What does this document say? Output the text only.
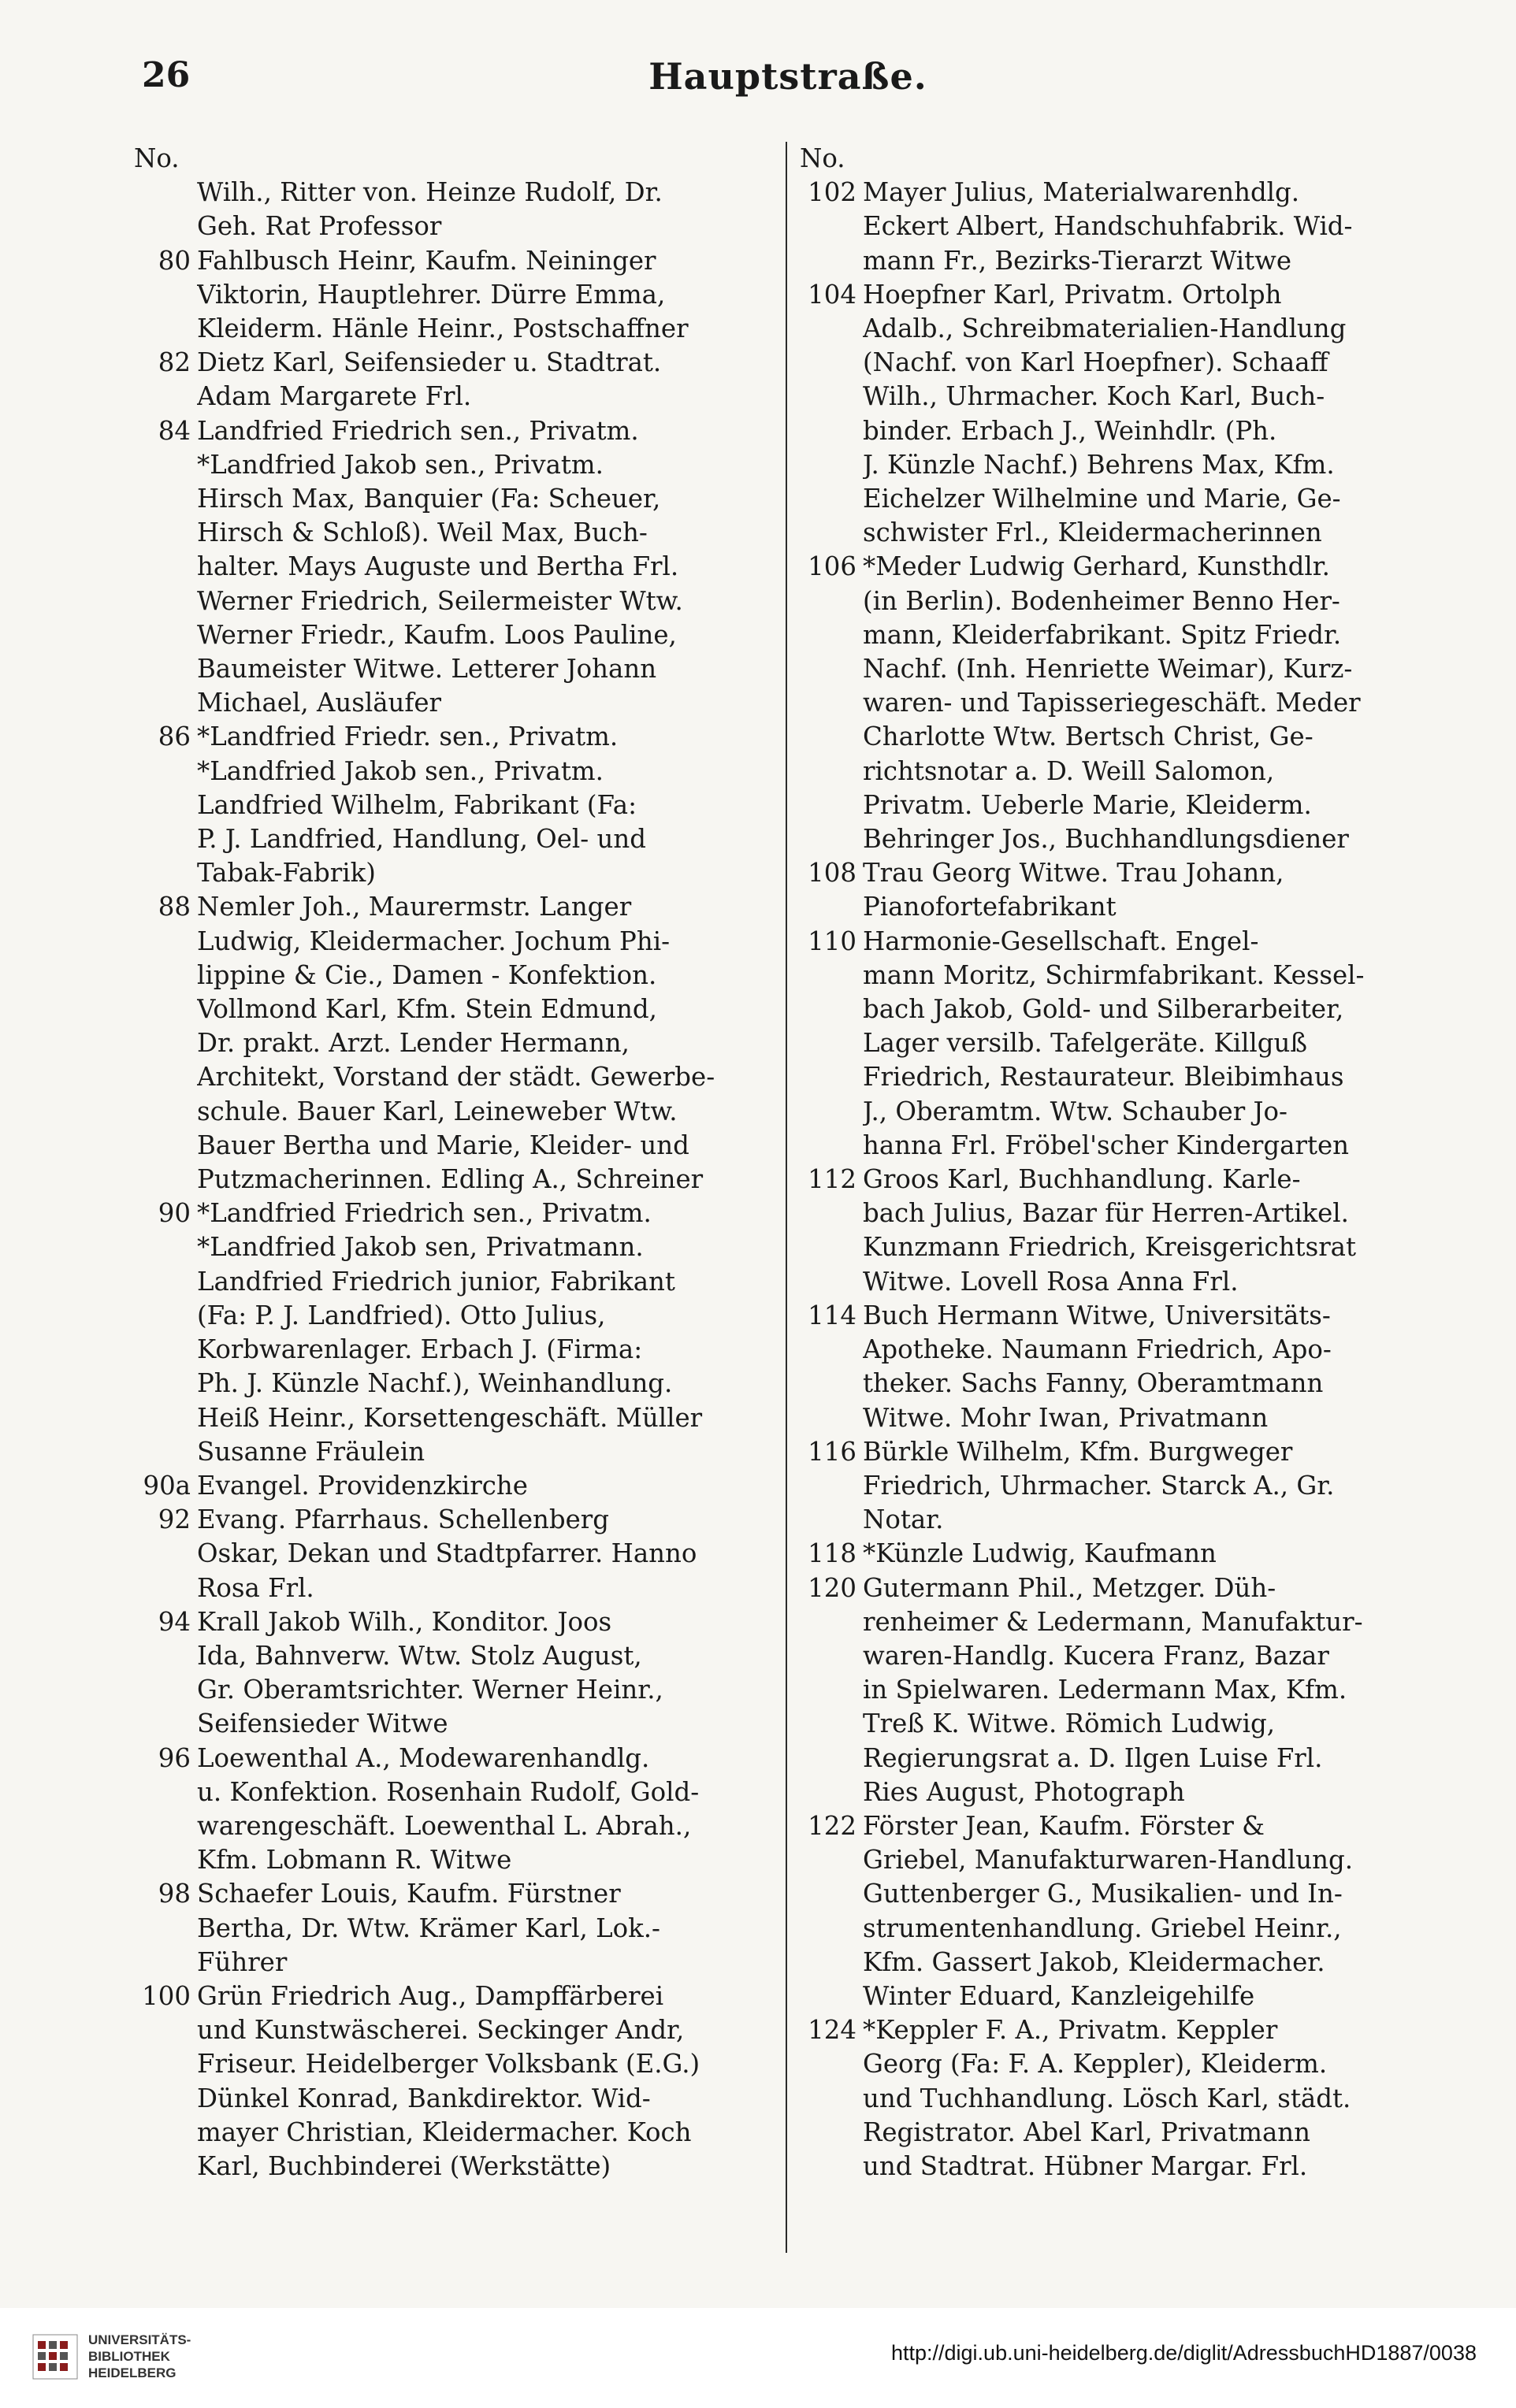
26	Hauptstraße.
No.
Wilh., Ritter von. Heinze Rudolf, Dr.
Geh. Rat Professor
80 Fahlbusch Heinr, Kaufm. Neininger
Viktorin, Hauptlehrer. Dürre Emma,
Kleiderm. Hänle Heinr., Postschaffner
82 Dietz Karl, Seifensieder u. Stadtrat.
Adam Margarete Frl.
84 Landfried Friedrich sen., Privatm.
*Landfried Jakob sen., Privatm.
Hirsch Max, Banquier (Fa: Scheuer,
Hirsch & Schloß). Weil Max, Buch-
halter. Mays Auguste und Bertha Frl.
Werner Friedrich, Seilermeister Wtw.
Werner Friedr., Kaufm. Loos Pauline,
Baumeister Witwe. Letterer Johann
Michael, Ausläufer
86 *Landfried Friedr. sen., Privatm.
*Landfried Jakob sen., Privatm.
Landfried Wilhelm, Fabrikant (Fa:
P. J. Landfried, Handlung, Oel- und
Tabak-Fabrik)
88 Nemler Joh., Maurermstr. Langer
Ludwig, Kleidermacher. Jochum Phi-
lippine & Cie., Damen - Konfektion.
Vollmond Karl, Kfm. Stein Edmund,
Dr. prakt. Arzt. Lender Hermann,
Architekt, Vorstand der städt. Gewerbe-
schule. Bauer Karl, Leineweber Wtw.
Bauer Bertha und Marie, Kleider- und
Putzmacherinnen. Edling A., Schreiner
90 *Landfried Friedrich sen., Privatm.
*Landfried Jakob sen, Privatmann.
Landfried Friedrich junior, Fabrikant
(Fa: P. J. Landfried). Otto Julius,
Korbwarenlager. Erbach J. (Firma:
Ph. J. Künzle Nachf.), Weinhandlung.
Heiß Heinr., Korsettengeschäft. Müller
Susanne Fräulein
90a Evangel. Providenzkirche
92 Evang. Pfarrhaus. Schellenberg
Oskar, Dekan und Stadtpfarrer. Hanno
Rosa Frl.
94 Krall Jakob Wilh., Konditor. Joos
Ida, Bahnverw. Wtw. Stolz August,
Gr. Oberamtsrichter. Werner Heinr.,
Seifensieder Witwe
96 Loewenthal A., Modewarenhandlg.
u. Konfektion. Rosenhain Rudolf, Gold-
warengeschäft. Loewenthal L. Abrah.,
Kfm. Lobmann R. Witwe
98 Schaefer Louis, Kaufm. Fürstner
Bertha, Dr. Wtw. Krämer Karl, Lok.-
Führer
100 Grün Friedrich Aug., Dampffärberei
und Kunstwäscherei. Seckinger Andr,
Friseur. Heidelberger Volksbank (E.G.)
Dünkel Konrad, Bankdirektor. Wid-
mayer Christian, Kleidermacher. Koch
Karl, Buchbinderei (Werkstätte)
No.
102 Mayer Julius, Materialwarenhdlg.
Eckert Albert, Handschuhfabrik. Wid-
mann Fr., Bezirks-Tierarzt Witwe
104 Hoepfner Karl, Privatm. Ortolph
Adalb., Schreibmaterialien-Handlung
(Nachf. von Karl Hoepfner). Schaaff
Wilh., Uhrmacher. Koch Karl, Buch-
binder. Erbach J., Weinhdlr. (Ph.
J. Künzle Nachf.) Behrens Max, Kfm.
Eichelzer Wilhelmine und Marie, Ge-
schwister Frl., Kleidermacherinnen
106 *Meder Ludwig Gerhard, Kunsthdlr.
(in Berlin). Bodenheimer Benno Her-
mann, Kleiderfabrikant. Spitz Friedr.
Nachf. (Inh. Henriette Weimar), Kurz-
waren- und Tapisseriegeschäft. Meder
Charlotte Wtw. Bertsch Christ, Ge-
richtsnotar a. D. Weill Salomon,
Privatm. Ueberle Marie, Kleiderm.
Behringer Jos., Buchhandlungsdiener
108 Trau Georg Witwe. Trau Johann,
Pianofortefabrikant
110 Harmonie-Gesellschaft. Engel-
mann Moritz, Schirmfabrikant. Kessel-
bach Jakob, Gold- und Silberarbeiter,
Lager versilb. Tafelgeräte. Killguß
Friedrich, Restaurateur. Bleibimhaus
J., Oberamtm. Wtw. Schauber Jo-
hanna Frl. Fröbel'scher Kindergarten
112 Groos Karl, Buchhandlung. Karle-
bach Julius, Bazar für Herren-Artikel.
Kunzmann Friedrich, Kreisgerichtsrat
Witwe. Lovell Rosa Anna Frl.
114 Buch Hermann Witwe, Universitäts-
Apotheke. Naumann Friedrich, Apo-
theker. Sachs Fanny, Oberamtmann
Witwe. Mohr Iwan, Privatmann
116 Bürkle Wilhelm, Kfm. Burgweger
Friedrich, Uhrmacher. Starck A., Gr.
Notar.
118 *Künzle Ludwig, Kaufmann
120 Gutermann Phil., Metzger. Düh-
renheimer & Ledermann, Manufaktur-
waren-Handlg. Kucera Franz, Bazar
in Spielwaren. Ledermann Max, Kfm.
Treß K. Witwe. Römich Ludwig,
Regierungsrat a. D. Ilgen Luise Frl.
Ries August, Photograph
122 Förster Jean, Kaufm. Förster &
Griebel, Manufakturwaren-Handlung.
Guttenberger G., Musikalien- und In-
strumentenhandlung. Griebel Heinr.,
Kfm. Gassert Jakob, Kleidermacher.
Winter Eduard, Kanzleigehilfe
124 *Keppler F. A., Privatm. Keppler
Georg (Fa: F. A. Keppler), Kleiderm.
und Tuchhandlung. Lösch Karl, städt.
Registrator. Abel Karl, Privatmann
und Stadtrat. Hübner Margar. Frl.
UNIVERSITÄTS-
BIBLIOTHEK
HEIDELBERG
http://digi.ub.uni-heidelberg.de/diglit/AdressbuchHD1887/0038
